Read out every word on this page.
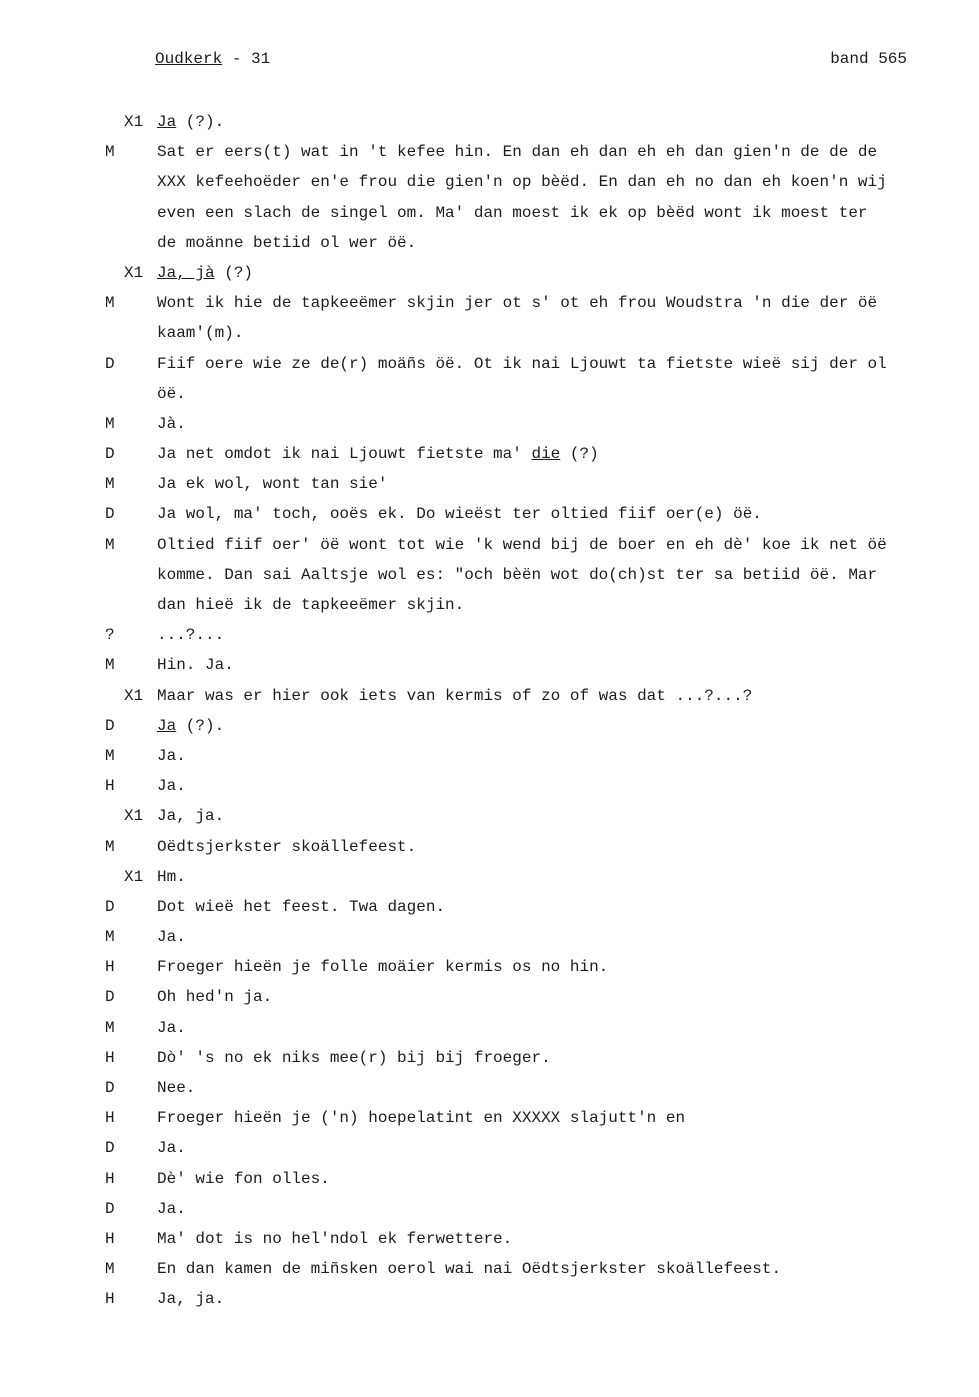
Oudkerk - 31	band 565
X1 Ja (?).
M	Sat er eers(t) wat in 't kefee hin. En dan eh dan eh eh dan gien'n de de de
XXX kefeehoëder en'e frou die gien'n op bèëd. En dan eh no dan eh koen'n wij
even een slach de singel om. Ma' dan moest ik ek op bèëd wont ik moest ter
de moänne betiid ol wer öë.
X1 Ja, jà (?)
M	Wont ik hie de tapkeeëmer skjin jer ot s' ot eh frou Woudstra 'n die der öë
kaam'(m).
D	Fiif oere wie ze de(r) moäñs öë. Ot ik nai Ljouwt ta fietste wieë sij der ol
öë.
M	Jà.
D	Ja net omdot ik nai Ljouwt fietste ma' die (?)
M	Ja ek wol, wont tan sie'
D	Ja wol, ma' toch, ooës ek. Do wieëst ter oltied fiif oer(e) öë.
M	Oltied fiif oer' öë wont tot wie 'k wend bij de boer en eh dè' koe ik net öë
komme. Dan sai Aaltsje wol es: "och bèën wot do(ch)st ter sa betiid öë. Mar
dan hieë ik de tapkeeëmer skjin.
?	...?...
M	Hin. Ja.
X1 Maar was er hier ook iets van kermis of zo of was dat ...?...?
D	Ja (?).
M	Ja.
H	Ja.
X1 Ja, ja.
M	Oëdtsjerkster skoällefeest.
X1 Hm.
D	Dot wieë het feest. Twa dagen.
M	Ja.
H	Froeger hieën je folle moäier kermis os no hin.
D	Oh hed'n ja.
M	Ja.
H	Dò' 's no ek niks mee(r) bij bij froeger.
D	Nee.
H	Froeger hieën je ('n) hoepelatint en XXXXX slajutt'n en
D	Ja.
H	Dè' wie fon olles.
D	Ja.
H	Ma' dot is no hel'ndol ek ferwettere.
M	En dan kamen de miñsken oerol wai nai Oëdtsjerkster skoällefeest.
H	Ja, ja.
